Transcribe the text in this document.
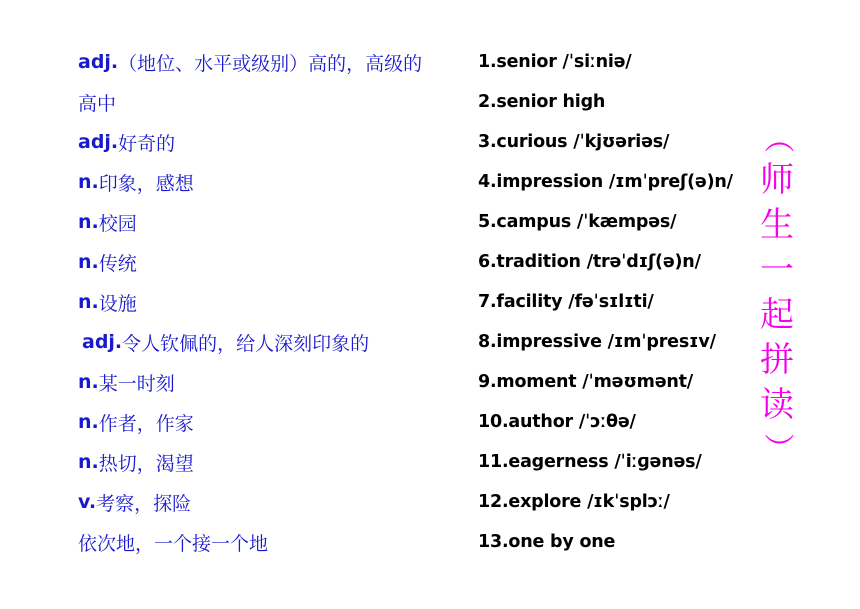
adj. （地位、水平或级别）高的，高级的
高中
adj. 好奇的
n. 印象，感想
n. 校园
n. 传统
n. 设施
adj. 令人钦佩的，给人深刻印象的
n. 某一时刻
n. 作者，作家
n. 热切，渴望
v. 考察，探险
依次地，一个接一个地
1.senior /ˈsiːniə/
2.senior high
3.curious /ˈkjʊəriəs/
4.impression /ɪmˈpreʃ(ə)n/
5.campus /ˈkæmpəs/
6.tradition /trəˈdɪʃ(ə)n/
7.facility /fəˈsɪlɪti/
8.impressive /ɪmˈpresɪv/
9.moment /ˈməʊmənt/
10.author /ˈɔːθə/
11.eagerness /ˈiːɡənəs/
12.explore /ɪkˈsplɔː/
13.one by one
（
师
生
一
起
拼
读
）
